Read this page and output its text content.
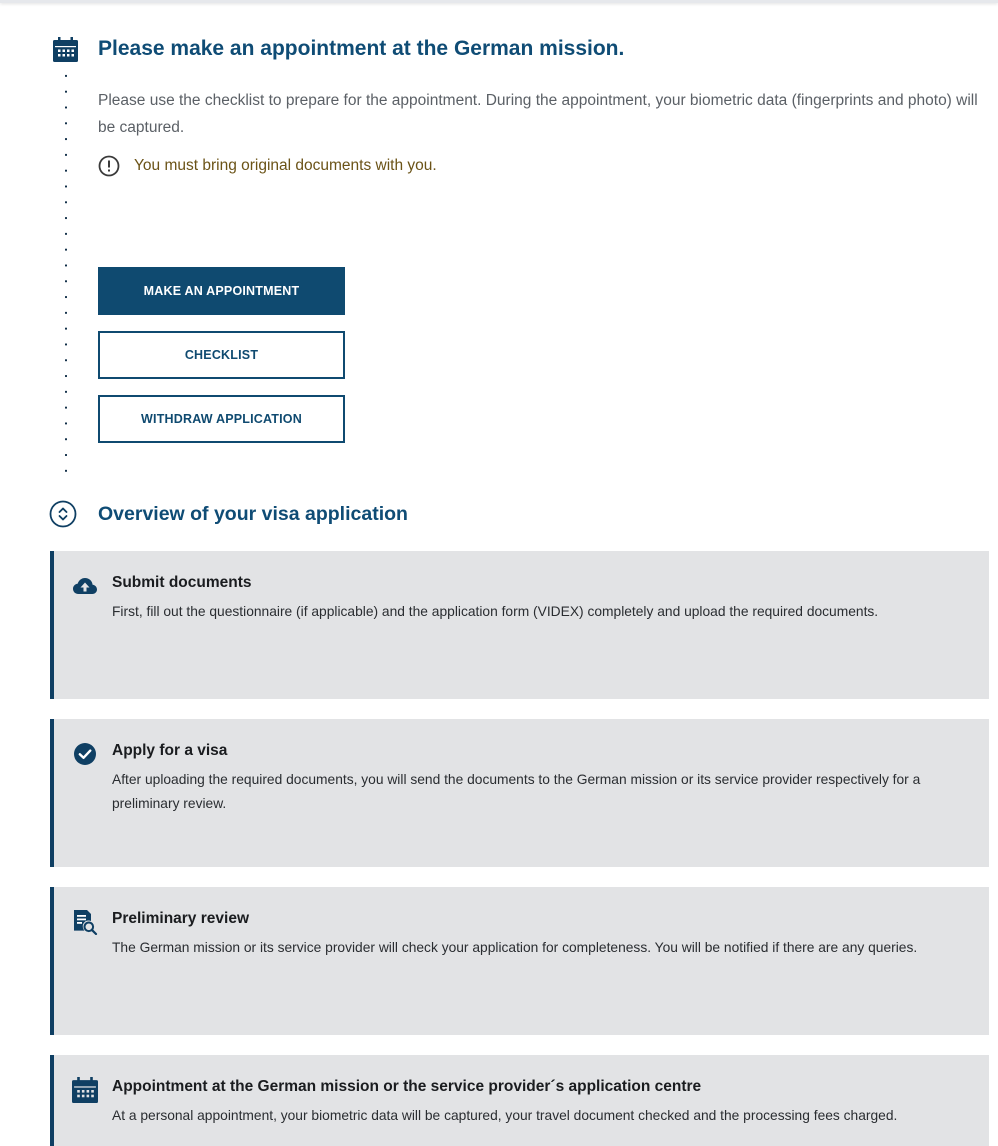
Please make an appointment at the German mission.

Please use the checklist to prepare for the appointment. During the appointment, your biometric data (fingerprints and photo) will be captured.

You must bring original documents with you.
MAKE AN APPOINTMENT
CHECKLIST
WITHDRAW APPLICATION
Overview of your visa application
Submit documents

First, fill out the questionnaire (if applicable) and the application form (VIDEX) completely and upload the required documents.

Apply for a visa

After uploading the required documents, you will send the documents to the German mission or its service provider respectively for a preliminary review.

Preliminary review

The German mission or its service provider will check your application for completeness. You will be notified if there are any queries.

Appointment at the German mission or the service provider´s application centre

At a personal appointment, your biometric data will be captured, your travel document checked and the processing fees charged.
